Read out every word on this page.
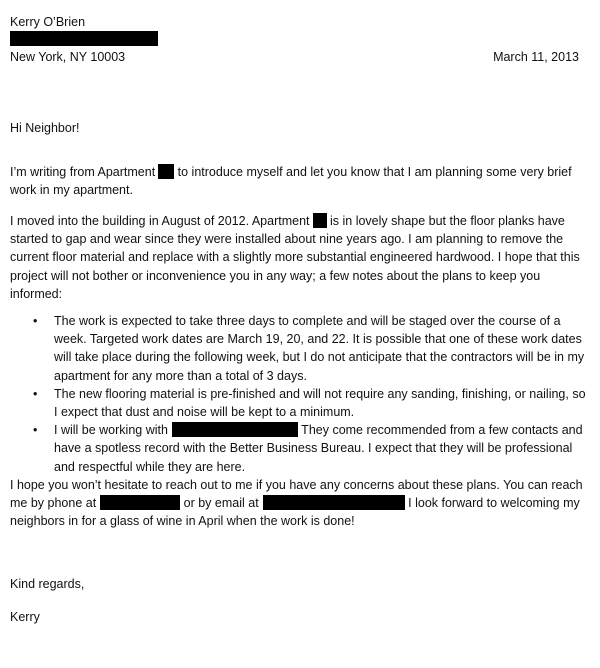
Kerry O’Brien
New York, NY 10003	March 11, 2013
Hi Neighbor!

I’m writing from Apartment to introduce myself and let you know that I am planning some very brief work in my apartment.

I moved into the building in August of 2012. Apartment is in lovely shape but the floor planks have started to gap and wear since they were installed about nine years ago. I am planning to remove the current floor material and replace with a slightly more substantial engineered hardwood. I hope that this project will not bother or inconvenience you in any way; a few notes about the plans to keep you informed:

• The work is expected to take three days to complete and will be staged over the course of a week. Targeted work dates are March 19, 20, and 22. It is possible that one of these work dates will take place during the following week, but I do not anticipate that the contractors will be in my apartment for any more than a total of 3 days.
• The new flooring material is pre-finished and will not require any sanding, finishing, or nailing, so I expect that dust and noise will be kept to a minimum.
• I will be working with	They come recommended from a few contacts and have a spotless record with the Better Business Bureau. I expect that they will be professional and respectful while they are here.

I hope you won’t hesitate to reach out to me if you have any concerns about these plans. You can reach me by phone at	or by email at	I look forward to welcoming my neighbors in for a glass of wine in April when the work is done!

Kind regards,
Kerry
